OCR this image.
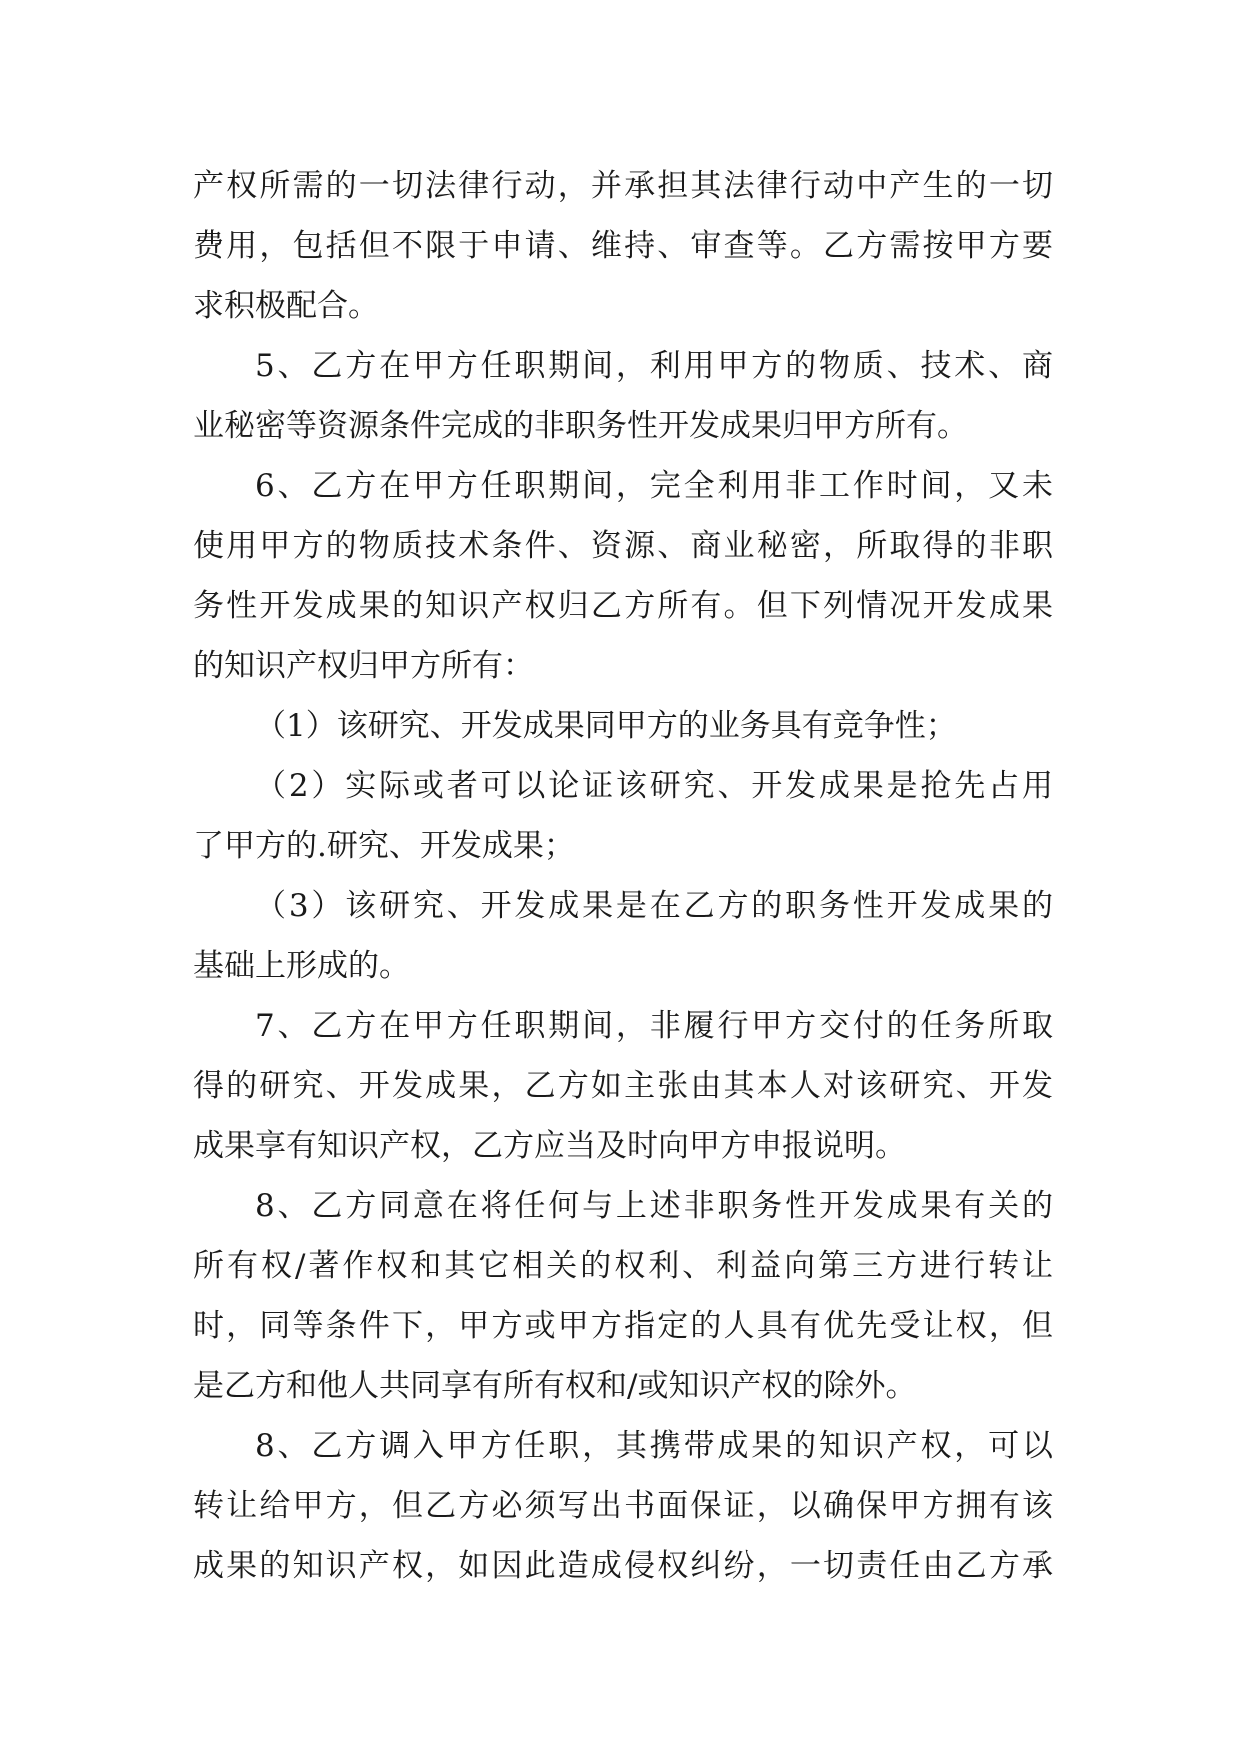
产权所需的一切法律行动，并承担其法律行动中产生的一切
费用，包括但不限于申请、维持、审查等。乙方需按甲方要
求积极配合。
5、乙方在甲方任职期间，利用甲方的物质、技术、商
业秘密等资源条件完成的非职务性开发成果归甲方所有。
6、乙方在甲方任职期间，完全利用非工作时间，又未
使用甲方的物质技术条件、资源、商业秘密，所取得的非职
务性开发成果的知识产权归乙方所有。但下列情况开发成果
的知识产权归甲方所有：
（1）该研究、开发成果同甲方的业务具有竞争性；
（2）实际或者可以论证该研究、开发成果是抢先占用
了甲方的.研究、开发成果；
（3）该研究、开发成果是在乙方的职务性开发成果的
基础上形成的。
7、乙方在甲方任职期间，非履行甲方交付的任务所取
得的研究、开发成果，乙方如主张由其本人对该研究、开发
成果享有知识产权，乙方应当及时向甲方申报说明。
8、乙方同意在将任何与上述非职务性开发成果有关的
所有权/著作权和其它相关的权利、利益向第三方进行转让
时，同等条件下，甲方或甲方指定的人具有优先受让权，但
是乙方和他人共同享有所有权和/或知识产权的除外。
8、乙方调入甲方任职，其携带成果的知识产权，可以
转让给甲方，但乙方必须写出书面保证，以确保甲方拥有该
成果的知识产权，如因此造成侵权纠纷，一切责任由乙方承
